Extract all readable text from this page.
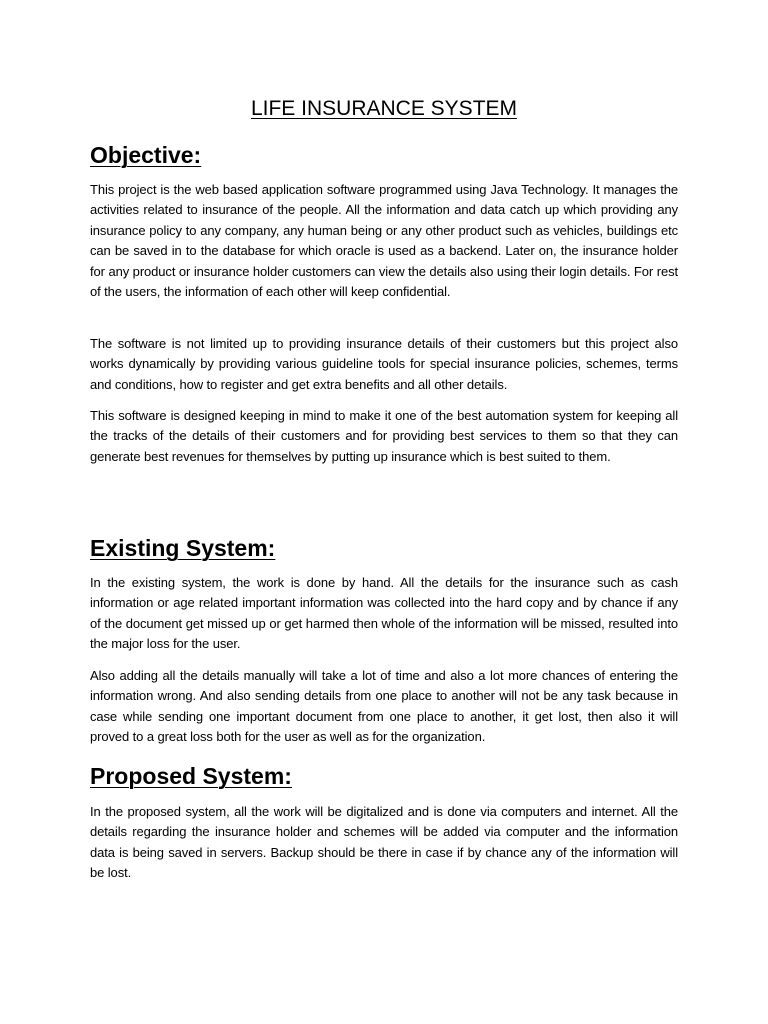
LIFE INSURANCE SYSTEM
Objective:

This project is the web based application software programmed using Java Technology. It manages the activities related to insurance of the people. All the information and data catch up which providing any insurance policy to any company, any human being or any other product such as vehicles, buildings etc can be saved in to the database for which oracle is used as a backend. Later on, the insurance holder for any product or insurance holder customers can view the details also using their login details. For rest of the users, the information of each other will keep confidential.

The software is not limited up to providing insurance details of their customers but this project also works dynamically by providing various guideline tools for special insurance policies, schemes, terms and conditions, how to register and get extra benefits and all other details.

This software is designed keeping in mind to make it one of the best automation system for keeping all the tracks of the details of their customers and for providing best services to them so that they can generate best revenues for themselves by putting up insurance which is best suited to them.

Existing System:

In the existing system, the work is done by hand. All the details for the insurance such as cash information or age related important information was collected into the hard copy and by chance if any of the document get missed up or get harmed then whole of the information will be missed, resulted into the major loss for the user.

Also adding all the details manually will take a lot of time and also a lot more chances of entering the information wrong. And also sending details from one place to another will not be any task because in case while sending one important document from one place to another, it get lost, then also it will proved to a great loss both for the user as well as for the organization.

Proposed System:

In the proposed system, all the work will be digitalized and is done via computers and internet. All the details regarding the insurance holder and schemes will be added via computer and the information data is being saved in servers. Backup should be there in case if by chance any of the information will be lost.
